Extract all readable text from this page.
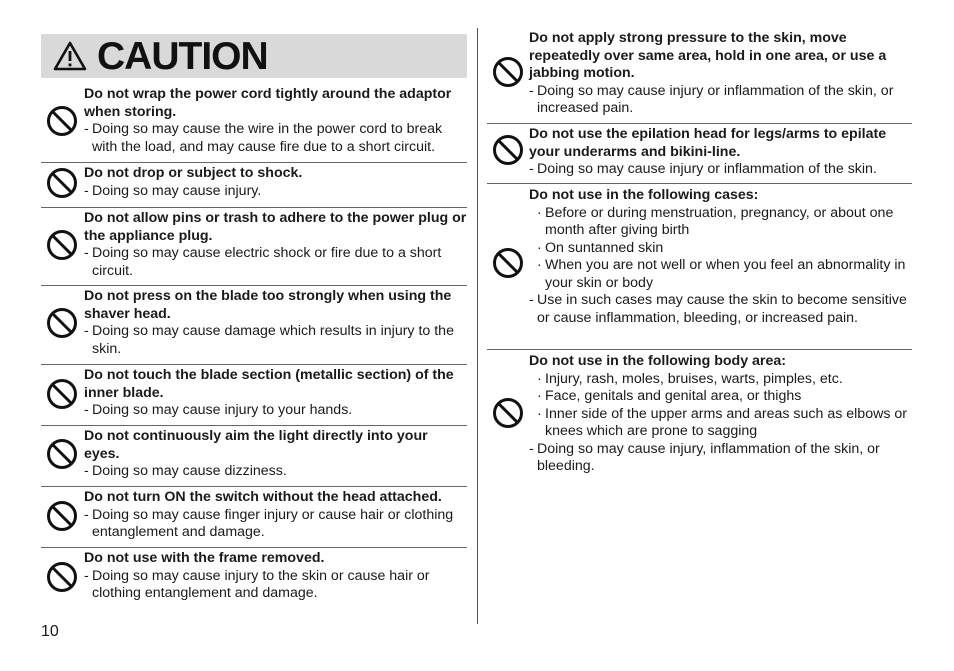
CAUTION
Do not wrap the power cord tightly around the adaptor when storing.
- Doing so may cause the wire in the power cord to break with the load, and may cause fire due to a short circuit.
Do not drop or subject to shock.
- Doing so may cause injury.
Do not allow pins or trash to adhere to the power plug or the appliance plug.
- Doing so may cause electric shock or fire due to a short circuit.
Do not press on the blade too strongly when using the shaver head.
- Doing so may cause damage which results in injury to the skin.
Do not touch the blade section (metallic section) of the inner blade.
- Doing so may cause injury to your hands.
Do not continuously aim the light directly into your eyes.
- Doing so may cause dizziness.
Do not turn ON the switch without the head attached.
- Doing so may cause finger injury or cause hair or clothing entanglement and damage.
Do not use with the frame removed.
- Doing so may cause injury to the skin or cause hair or clothing entanglement and damage.
Do not apply strong pressure to the skin, move repeatedly over same area, hold in one area, or use a jabbing motion.
- Doing so may cause injury or inflammation of the skin, or increased pain.
Do not use the epilation head for legs/arms to epilate your underarms and bikini-line.
- Doing so may cause injury or inflammation of the skin.
Do not use in the following cases:
· Before or during menstruation, pregnancy, or about one month after giving birth
· On suntanned skin
· When you are not well or when you feel an abnormality in your skin or body
- Use in such cases may cause the skin to become sensitive or cause inflammation, bleeding, or increased pain.
Do not use in the following body area:
· Injury, rash, moles, bruises, warts, pimples, etc.
· Face, genitals and genital area, or thighs
· Inner side of the upper arms and areas such as elbows or knees which are prone to sagging
- Doing so may cause injury, inflammation of the skin, or bleeding.
10
